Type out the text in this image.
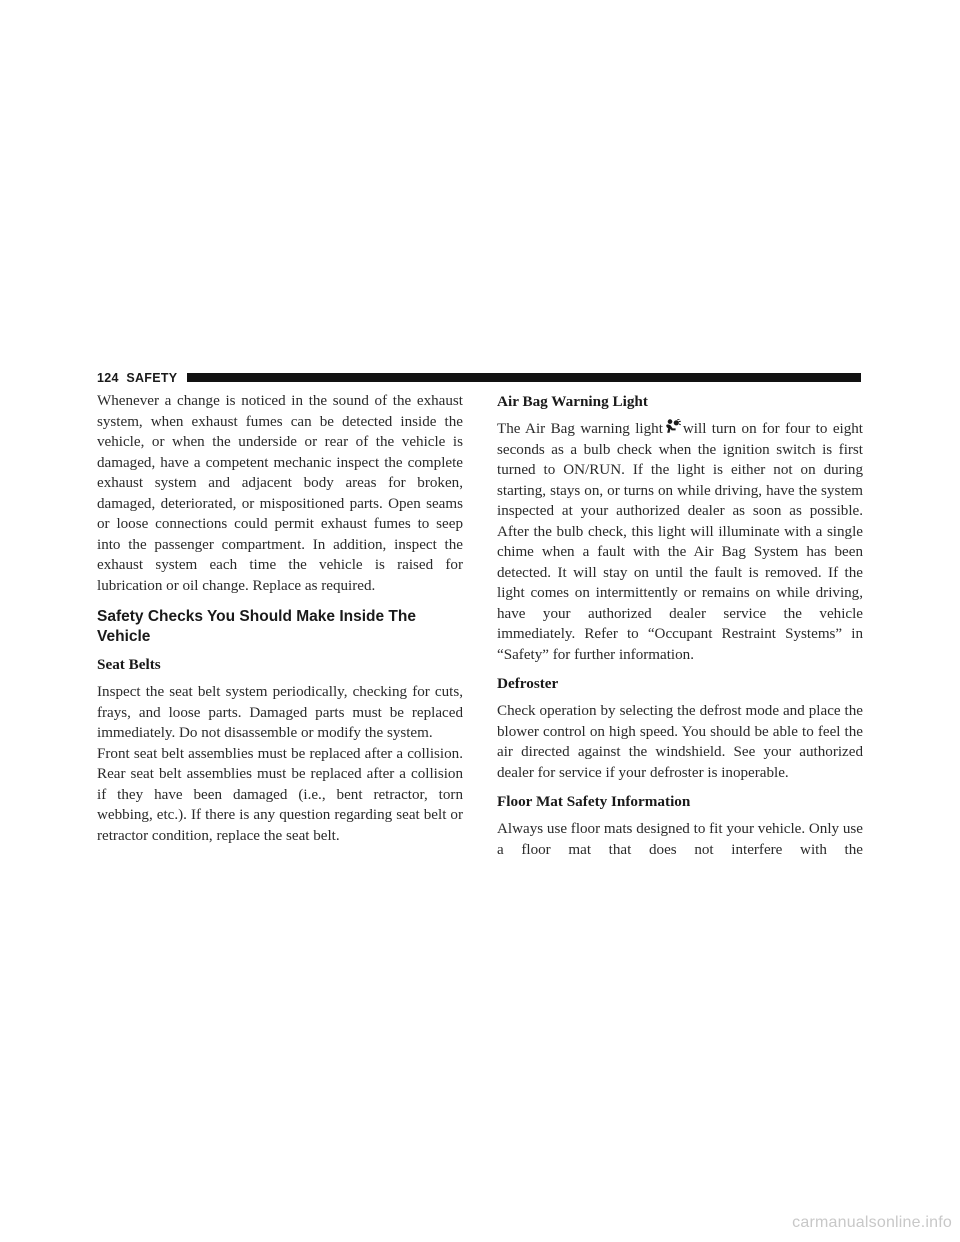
124 SAFETY

Whenever a change is noticed in the sound of the exhaust system, when exhaust fumes can be detected inside the vehicle, or when the underside or rear of the vehicle is damaged, have a competent mechanic inspect the complete exhaust system and adjacent body areas for broken, damaged, deteriorated, or mispositioned parts. Open seams or loose connections could permit exhaust fumes to seep into the passenger compartment. In addition, inspect the exhaust system each time the vehicle is raised for lubrication or oil change. Replace as required.

Safety Checks You Should Make Inside The Vehicle
Seat Belts

Inspect the seat belt system periodically, checking for cuts, frays, and loose parts. Damaged parts must be replaced immediately. Do not disassemble or modify the system.

Front seat belt assemblies must be replaced after a collision. Rear seat belt assemblies must be replaced after a collision if they have been damaged (i.e., bent retractor, torn webbing, etc.). If there is any question regarding seat belt or retractor condition, replace the seat belt.

Air Bag Warning Light

The Air Bag warning light will turn on for four to eight seconds as a bulb check when the ignition switch is first turned to ON/RUN. If the light is either not on during starting, stays on, or turns on while driving, have the system inspected at your authorized dealer as soon as possible. After the bulb check, this light will illuminate with a single chime when a fault with the Air Bag System has been detected. It will stay on until the fault is removed. If the light comes on intermittently or remains on while driving, have your authorized dealer service the vehicle immediately. Refer to “Occupant Restraint Systems” in “Safety” for further information.

Defroster

Check operation by selecting the defrost mode and place the blower control on high speed. You should be able to feel the air directed against the windshield. See your authorized dealer for service if your defroster is inoperable.

Floor Mat Safety Information

Always use floor mats designed to fit your vehicle. Only use a floor mat that does not interfere with the

carmanualsonline.info
